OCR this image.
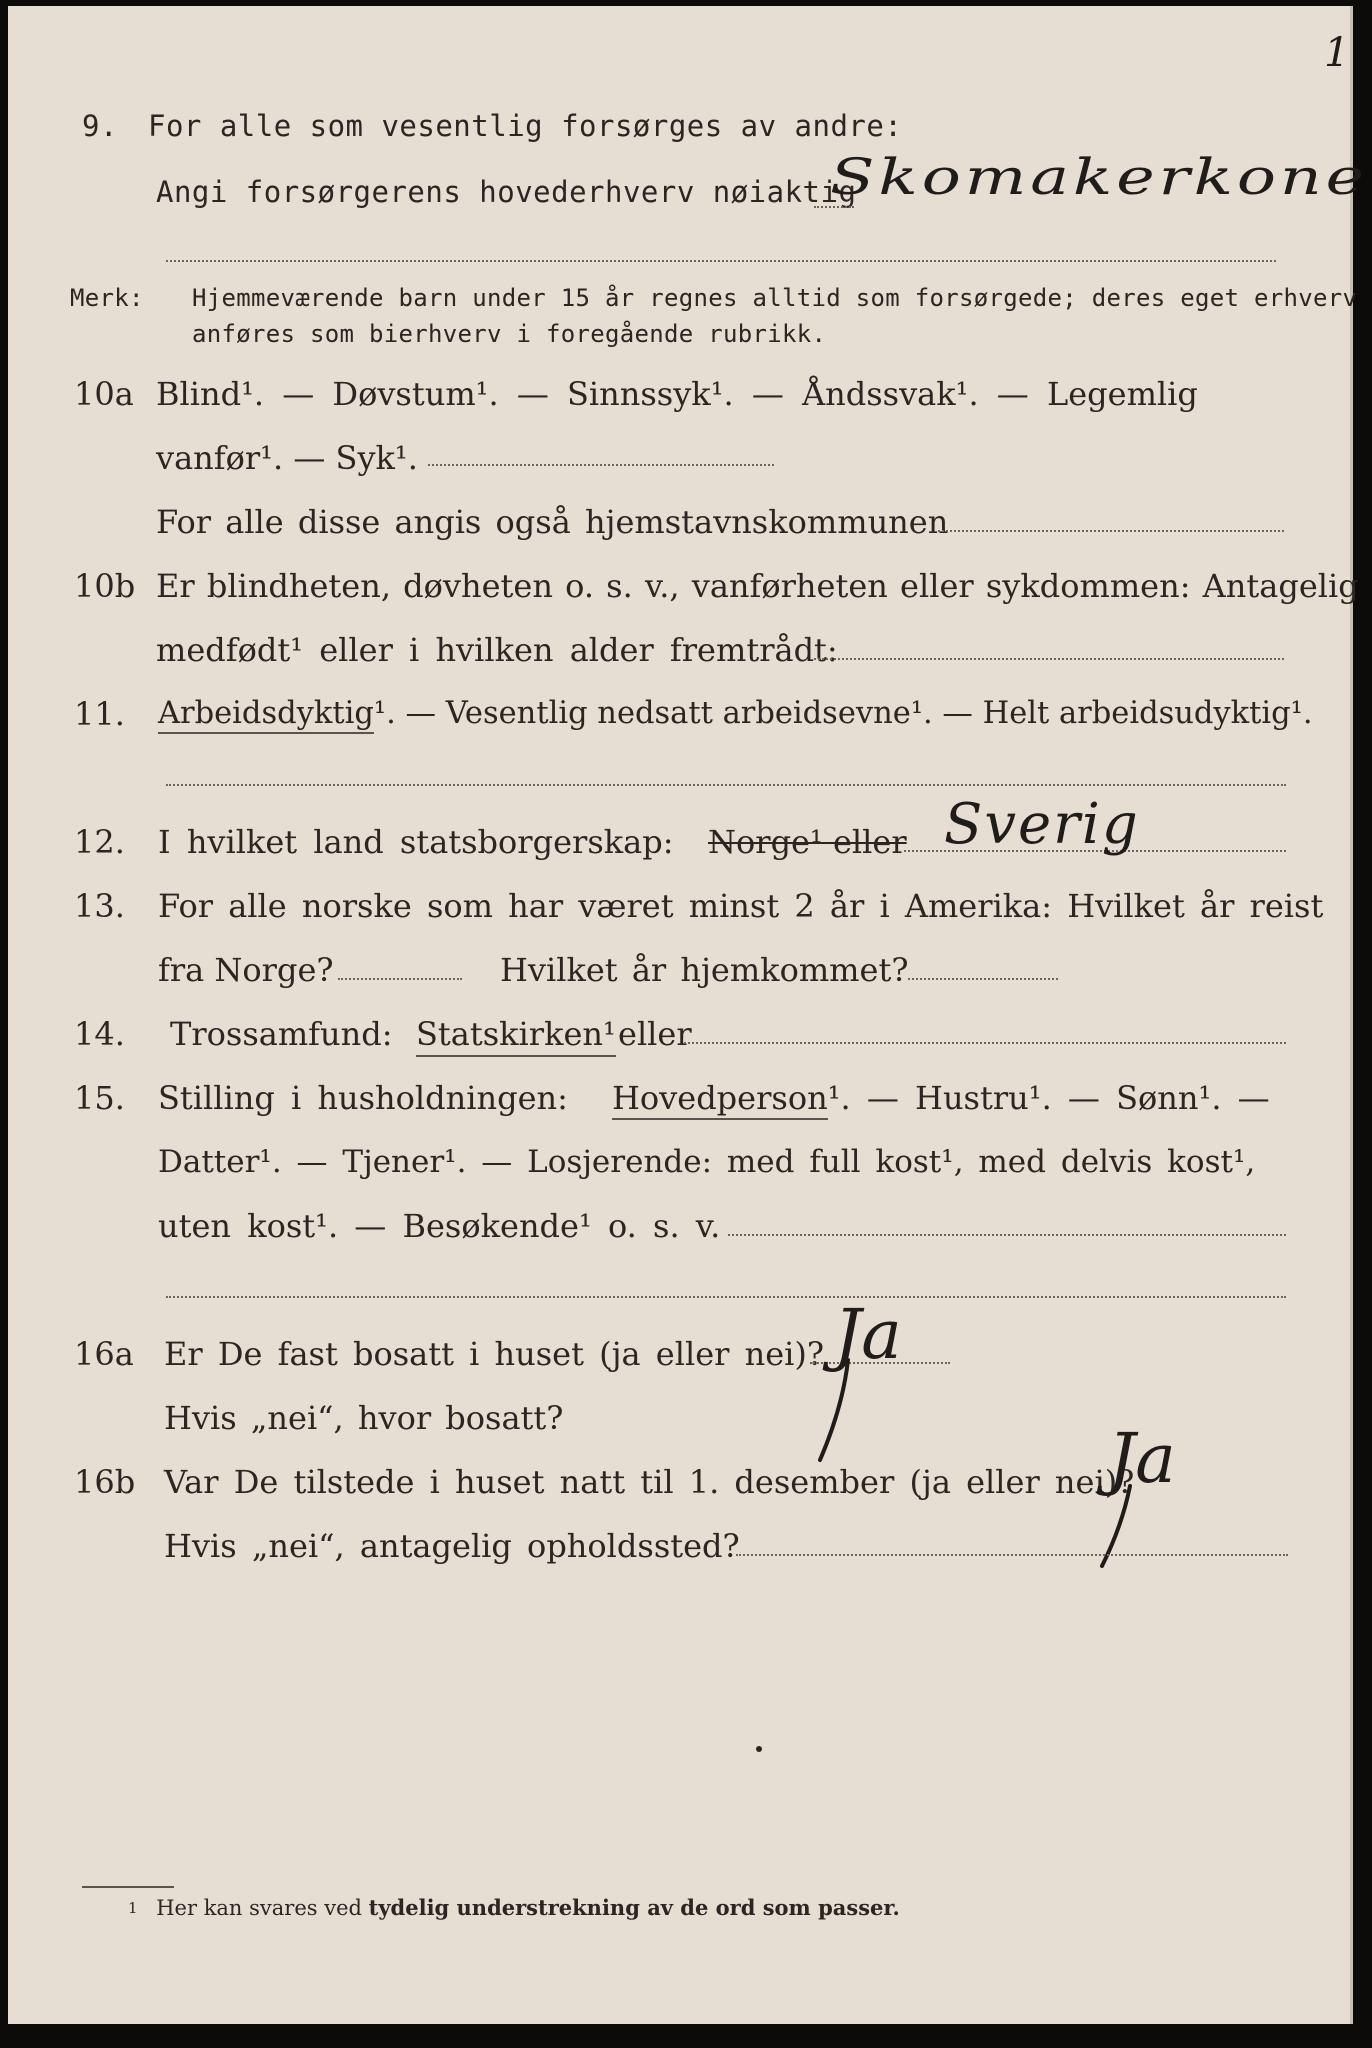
1
9. For alle som vesentlig forsørges av andre:
Angi forsørgerens hovederhverv nøiaktig
Skomakerkone
Merk: Hjemmeværende barn under 15 år regnes alltid som forsørgede; deres eget erhverv
anføres som bierhverv i foregående rubrikk.
10a Blind¹. — Døvstum¹. — Sinnssyk¹. — Åndssvak¹. — Legemlig
vanfør¹. — Syk¹.
For alle disse angis også hjemstavnskommunen
10b Er blindheten, døvheten o. s. v., vanførheten eller sykdommen: Antagelig
medfødt¹ eller i hvilken alder fremtrådt:
11. Arbeidsdyktig¹. — Vesentlig nedsatt arbeidsevne¹. — Helt arbeidsudyktig¹.
12. I hvilket land statsborgerskap: Norge¹ eller Sverig
13. For alle norske som har været minst 2 år i Amerika: Hvilket år reist
fra Norge?	Hvilket år hjemkommet?
14. Trossamfund: Statskirken¹ eller
15. Stilling i husholdningen: Hovedperson¹. — Hustru¹. — Sønn¹. —
Datter¹. — Tjener¹. — Losjerende: med full kost¹, med delvis kost¹,
uten kost¹. — Besøkende¹ o. s. v.
16a Er De fast bosatt i huset (ja eller nei)? Ja
Hvis „nei“, hvor bosatt?
16b Var De tilstede i huset natt til 1. desember (ja eller nei)?
Ja
Hvis „nei“, antagelig opholdssted?
$^1$ Her kan svares ved tydelig understrekning av de ord som passer.
